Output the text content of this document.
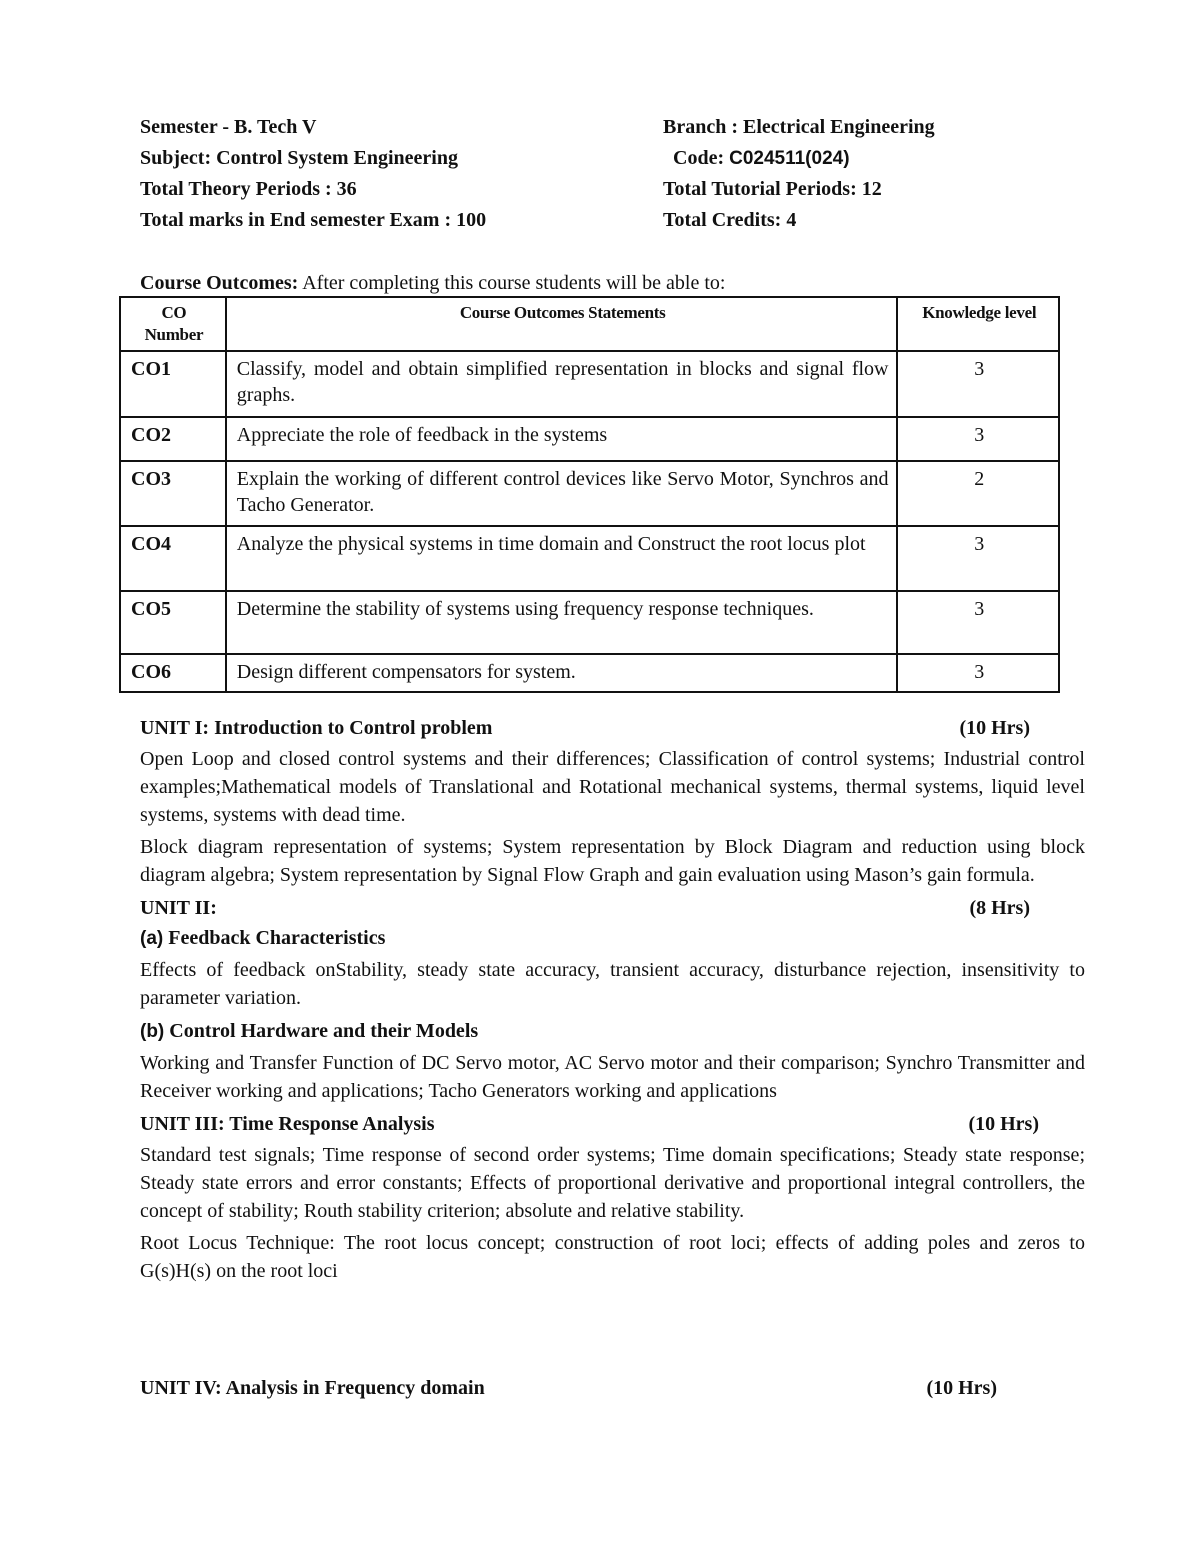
Semester - B. Tech V	Branch : Electrical Engineering
Subject: Control System Engineering	Code: C024511(024)
Total Theory Periods : 36	Total Tutorial Periods: 12
Total marks in End semester Exam : 100	Total Credits: 4
Course Outcomes: After completing this course students will be able to:
CO Number	Course Outcomes Statements	Knowledge level
CO1	Classify, model and obtain simplified representation in blocks and signal flow graphs.	3
CO2	Appreciate the role of feedback in the systems	3
CO3	Explain the working of different control devices like Servo Motor, Synchros and Tacho Generator.	2
CO4	Analyze the physical systems in time domain and Construct the root locus plot	3
CO5	Determine the stability of systems using frequency response techniques.	3
CO6	Design different compensators for system.	3
UNIT I: Introduction to Control problem	(10 Hrs)
Open Loop and closed control systems and their differences; Classification of control systems; Industrial control examples;Mathematical models of Translational and Rotational mechanical systems, thermal systems, liquid level systems, systems with dead time.
Block diagram representation of systems; System representation by Block Diagram and reduction using block diagram algebra; System representation by Signal Flow Graph and gain evaluation using Mason’s gain formula.
UNIT II:	(8 Hrs)
(a) Feedback Characteristics
Effects of feedback onStability, steady state accuracy, transient accuracy, disturbance rejection, insensitivity to parameter variation.
(b) Control Hardware and their Models
Working and Transfer Function of DC Servo motor, AC Servo motor and their comparison; Synchro Transmitter and Receiver working and applications; Tacho Generators working and applications
UNIT III: Time Response Analysis	(10 Hrs)
Standard test signals; Time response of second order systems; Time domain specifications; Steady state response; Steady state errors and error constants; Effects of proportional derivative and proportional integral controllers, the concept of stability; Routh stability criterion; absolute and relative stability.
Root Locus Technique: The root locus concept; construction of root loci; effects of adding poles and zeros to G(s)H(s) on the root loci
UNIT IV: Analysis in Frequency domain	(10 Hrs)
